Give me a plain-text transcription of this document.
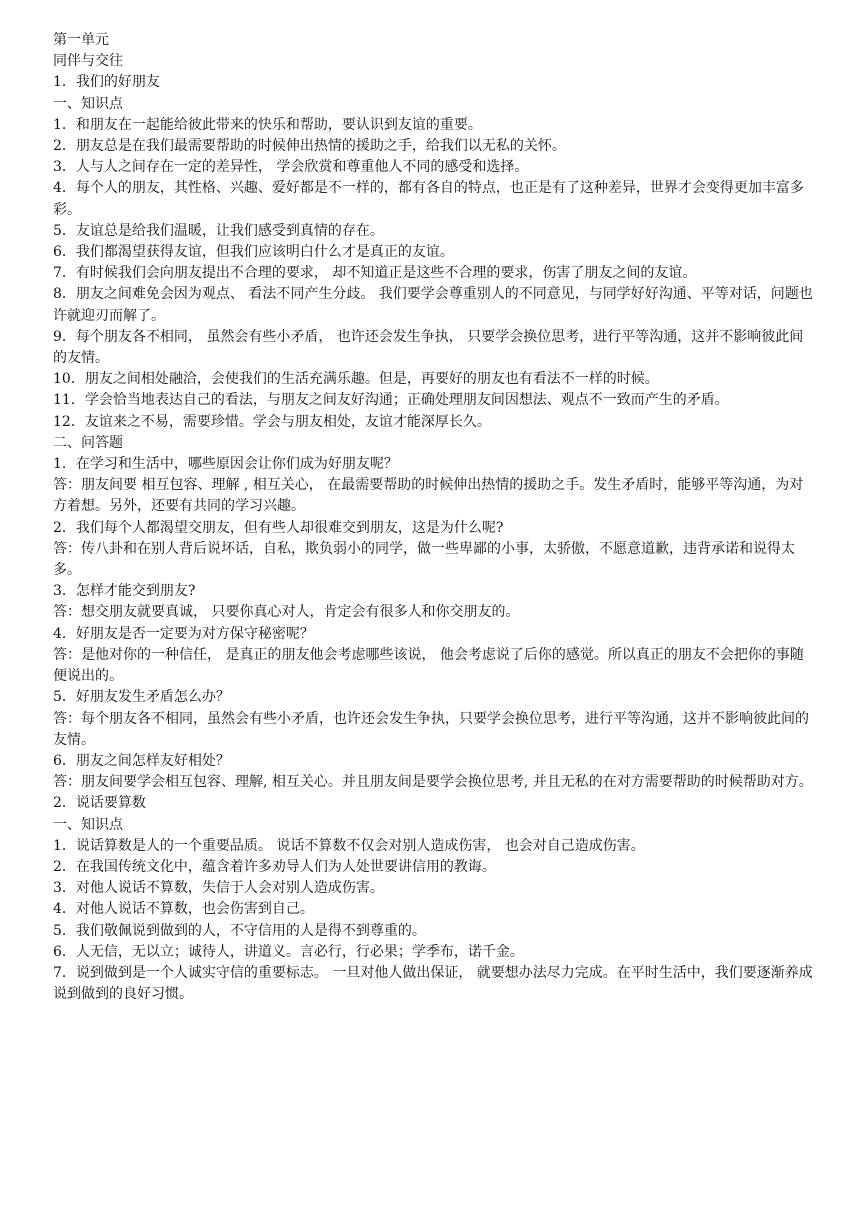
第一单元
同伴与交往
1．我们的好朋友
一、知识点
1．和朋友在一起能给彼此带来的快乐和帮助，要认识到友谊的重要。
2．朋友总是在我们最需要帮助的时候伸出热情的援助之手，给我们以无私的关怀。
3．人与人之间存在一定的差异性， 学会欣赏和尊重他人不同的感受和选择。
4．每个人的朋友，其性格、兴趣、爱好都是不一样的，都有各自的特点，也正是有了这种差异，世界才会变得更加丰富多彩。
5．友谊总是给我们温暖，让我们感受到真情的存在。
6．我们都渴望获得友谊，但我们应该明白什么才是真正的友谊。
7．有时候我们会向朋友提出不合理的要求， 却不知道正是这些不合理的要求，伤害了朋友之间的友谊。
8．朋友之间难免会因为观点、 看法不同产生分歧。 我们要学会尊重别人的不同意见，与同学好好沟通、平等对话，问题也许就迎刃而解了。
9．每个朋友各不相同， 虽然会有些小矛盾， 也许还会发生争执， 只要学会换位思考，进行平等沟通，这并不影响彼此间的友情。
10．朋友之间相处融洽，会使我们的生活充满乐趣。但是，再要好的朋友也有看法不一样的时候。
11．学会恰当地表达自己的看法，与朋友之间友好沟通；正确处理朋友间因想法、观点不一致而产生的矛盾。
12．友谊来之不易，需要珍惜。学会与朋友相处，友谊才能深厚长久。
二、问答题
1．在学习和生活中，哪些原因会让你们成为好朋友呢？
答：朋友间要 相互包容、理解 , 相互关心， 在最需要帮助的时候伸出热情的援助之手。发生矛盾时，能够平等沟通，为对方着想。另外，还要有共同的学习兴趣。
2．我们每个人都渴望交朋友，但有些人却很难交到朋友，这是为什么呢?
答：传八卦和在别人背后说坏话，自私，欺负弱小的同学，做一些卑鄙的小事，太骄傲，不愿意道歉，违背承诺和说得太多。
3．怎样才能交到朋友?
答：想交朋友就要真诚， 只要你真心对人，肯定会有很多人和你交朋友的。
4．好朋友是否一定要为对方保守秘密呢？
答：是他对你的一种信任， 是真正的朋友他会考虑哪些该说， 他会考虑说了后你的感觉。所以真正的朋友不会把你的事随便说出的。
5．好朋友发生矛盾怎么办？
答：每个朋友各不相同，虽然会有些小矛盾，也许还会发生争执，只要学会换位思考，进行平等沟通，这并不影响彼此间的友情。
6．朋友之间怎样友好相处？
答：朋友间要学会相互包容、理解, 相互关心。并且朋友间是要学会换位思考, 并且无私的在对方需要帮助的时候帮助对方。2．说话要算数
一、知识点
1．说话算数是人的一个重要品质。 说话不算数不仅会对别人造成伤害， 也会对自己造成伤害。
2．在我国传统文化中，蕴含着许多劝导人们为人处世要讲信用的教诲。
3．对他人说话不算数，失信于人会对别人造成伤害。
4．对他人说话不算数，也会伤害到自己。
5．我们敬佩说到做到的人，不守信用的人是得不到尊重的。
6．人无信，无以立；诚待人，讲道义。言必行，行必果；学季布，诺千金。
7．说到做到是一个人诚实守信的重要标志。 一旦对他人做出保证， 就要想办法尽力完成。在平时生活中，我们要逐渐养成说到做到的良好习惯。
